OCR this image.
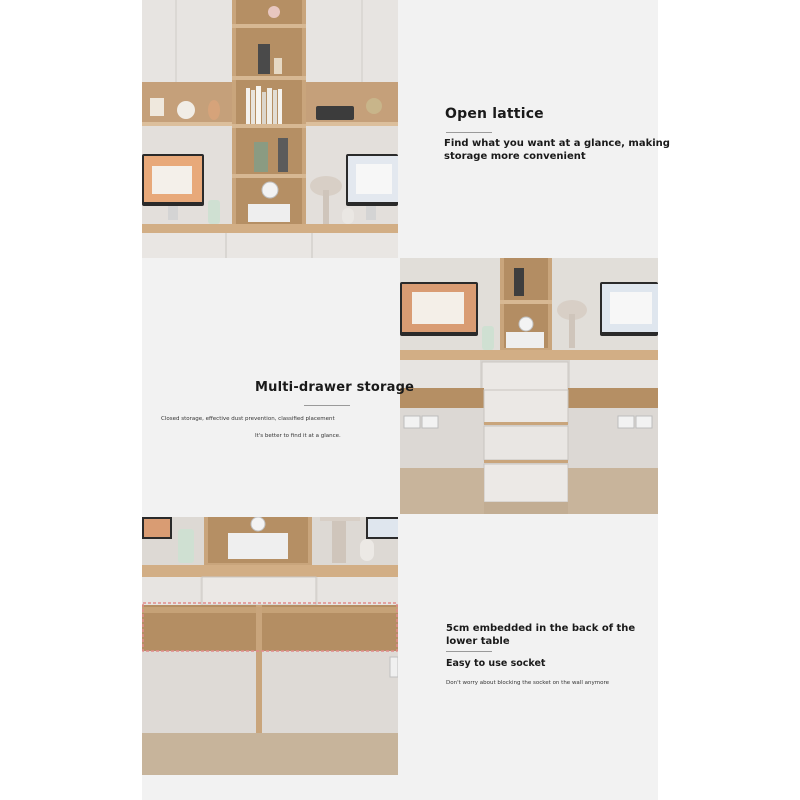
Open lattice
Find what you want at a glance, making
storage more convenient
Multi-drawer storage
Closed storage, effective dust prevention, classified placement
It's better to find it at a glance.
5cm embedded in the back of the
lower table
Easy to use socket
Don't worry about blocking the socket on the wall anymore
